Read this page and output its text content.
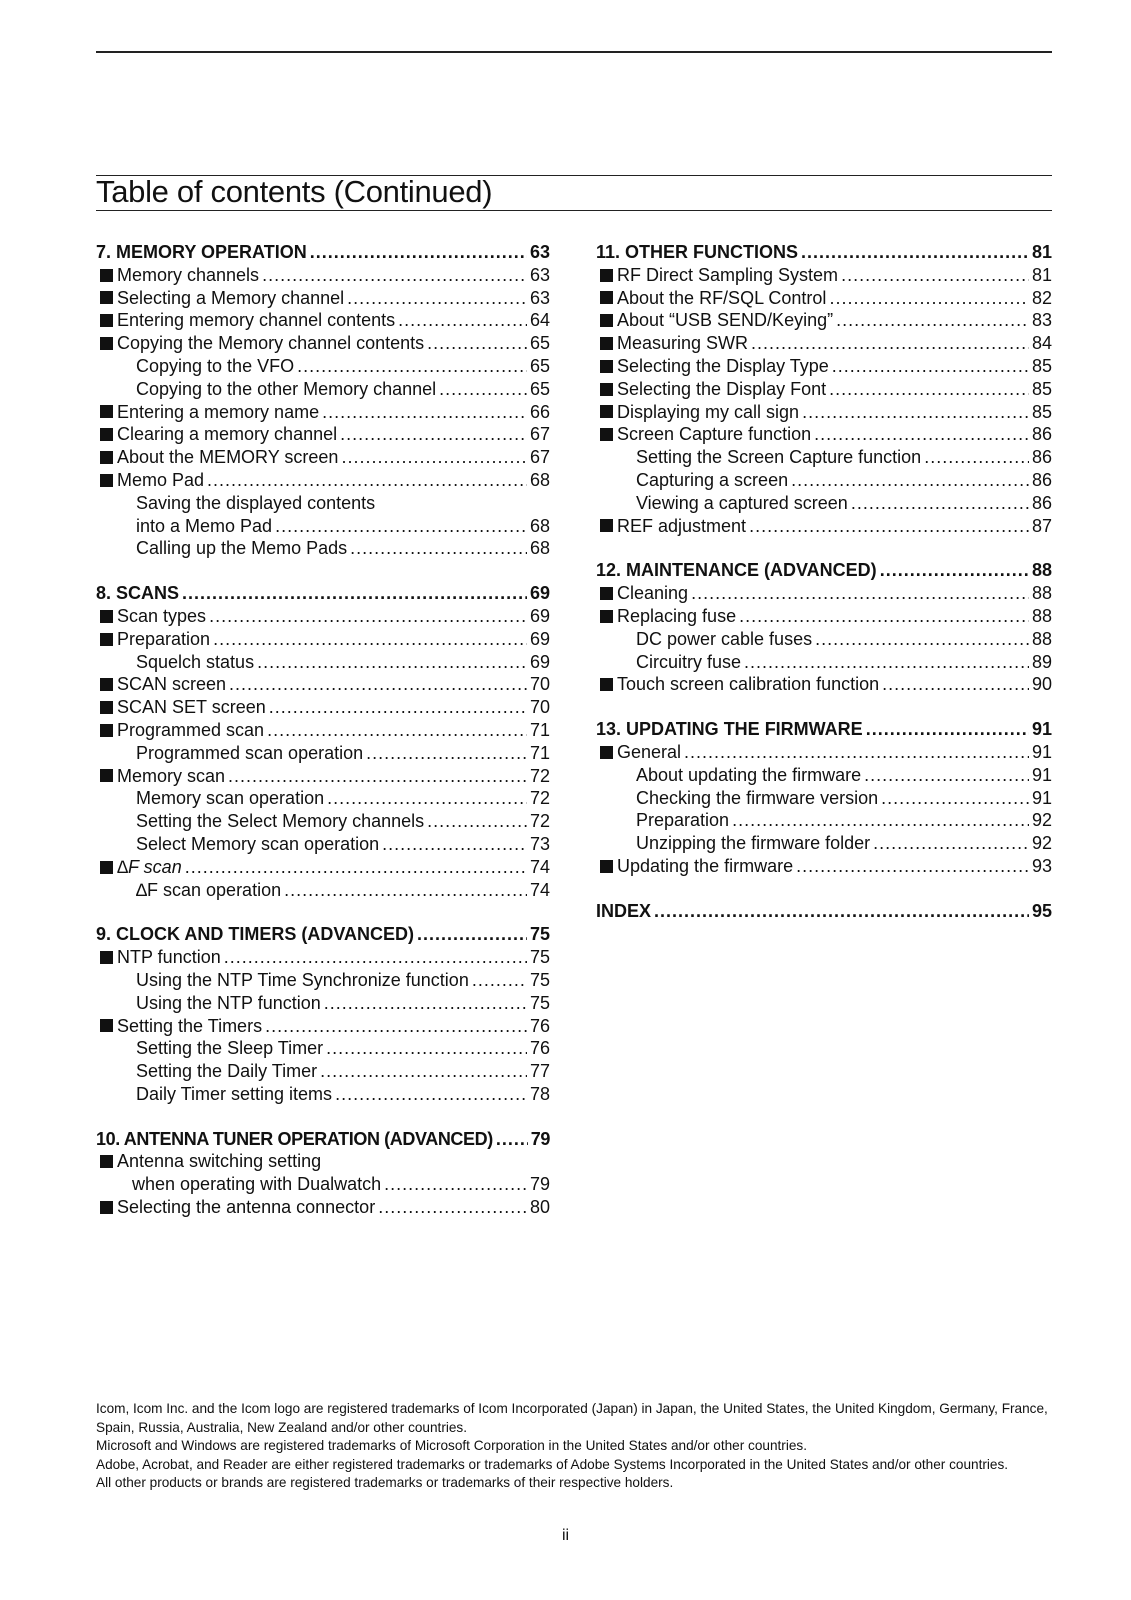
Table of contents (Continued)
7. MEMORY OPERATION .....	63
Memory channels .....	63
Selecting a Memory channel .....	63
Entering memory channel contents .....	64
Copying the Memory channel contents .....	65
Copying to the VFO .....	65
Copying to the other Memory channel .....	65
Entering a memory name .....	66
Clearing a memory channel .....	67
About the MEMORY screen .....	67
Memo Pad .....	68
Saving the displayed contents
into a Memo Pad .....	68
Calling up the Memo Pads .....	68
8. SCANS .....	69
Scan types .....	69
Preparation .....	69
Squelch status .....	69
SCAN screen .....	70
SCAN SET screen .....	70
Programmed scan .....	71
Programmed scan operation .....	71
Memory scan .....	72
Memory scan operation .....	72
Setting the Select Memory channels .....	72
Select Memory scan operation .....	73
∆F scan .....	74
∆F scan operation .....	74
9. CLOCK AND TIMERS (ADVANCED) .....	75
NTP function .....	75
Using the NTP Time Synchronize function .....	75
Using the NTP function .....	75
Setting the Timers .....	76
Setting the Sleep Timer .....	76
Setting the Daily Timer .....	77
Daily Timer setting items .....	78
10. ANTENNA TUNER OPERATION (ADVANCED) ..... 79
Antenna switching setting
when operating with Dualwatch .....	79
Selecting the antenna connector .....	80
11. OTHER FUNCTIONS .....	81
RF Direct Sampling System .....	81
About the RF/SQL Control .....	82
About “USB SEND/Keying” .....	83
Measuring SWR .....	84
Selecting the Display Type .....	85
Selecting the Display Font .....	85
Displaying my call sign .....	85
Screen Capture function .....	86
Setting the Screen Capture function .....	86
Capturing a screen .....	86
Viewing a captured screen .....	86
REF adjustment .....	87
12. MAINTENANCE (ADVANCED) .....	88
Cleaning .....	88
Replacing fuse .....	88
DC power cable fuses .....	88
Circuitry fuse .....	89
Touch screen calibration function .....	90
13. UPDATING THE FIRMWARE .....	91
General .....	91
About updating the firmware .....	91
Checking the firmware version .....	91
Preparation .....	92
Unzipping the firmware folder .....	92
Updating the firmware .....	93
INDEX .....	95

Icom, Icom Inc. and the Icom logo are registered trademarks of Icom Incorporated (Japan) in Japan, the United States, the United Kingdom, Germany, France, Spain, Russia, Australia, New Zealand and/or other countries.

Microsoft and Windows are registered trademarks of Microsoft Corporation in the United States and/or other countries.

Adobe, Acrobat, and Reader are either registered trademarks or trademarks of Adobe Systems Incorporated in the United States and/or other countries.

All other products or brands are registered trademarks or trademarks of their respective holders.

ii
